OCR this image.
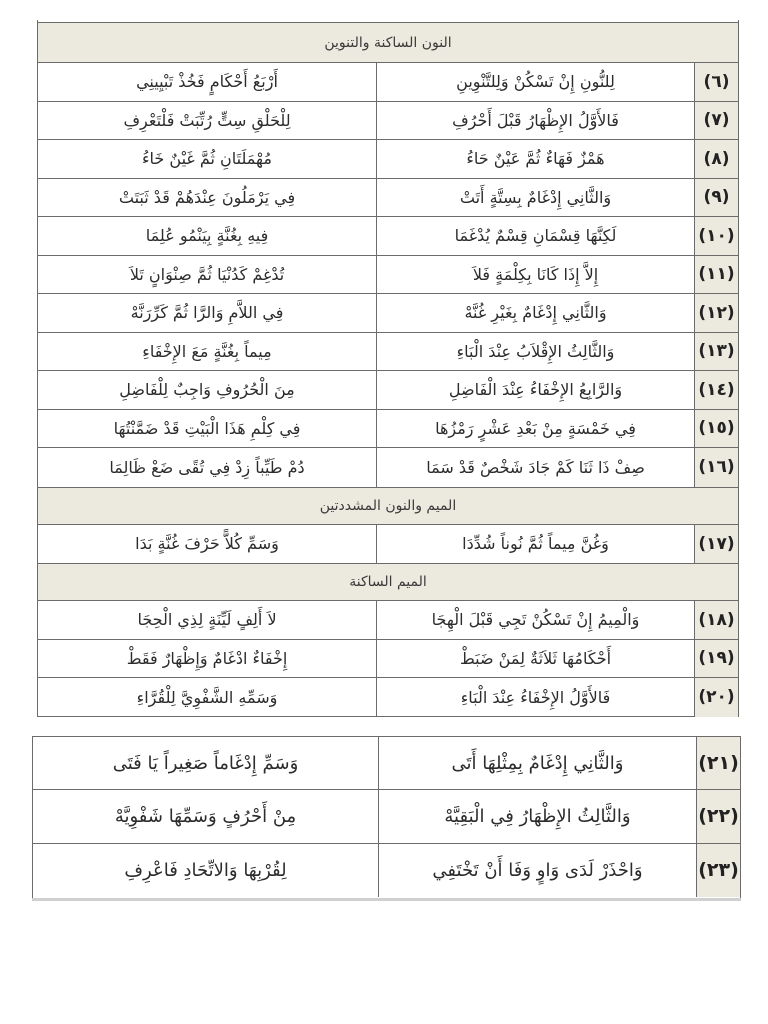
النون الساكنة والتنوين
(٦)
لِلنُّونِ إِنْ تَسْكُنْ وَلِلتَّنْوِينِ
أَرْبَعُ أَحْكَامٍ فَخُذْ تَبْيِينِي
(٧)
فَالأَوَّلُ الإِظْهَارُ قَبْلَ أَحْرُفِ
لِلْحَلْقِ سِتٍّ رُتِّبَتْ فَلْتَعْرِفِ
(٨)
هَمْزٌ فَهَاءٌ ثُمَّ عَيْنٌ حَاءُ
مُهْمَلَتَانِ ثُمَّ غَيْنٌ خَاءُ
(٩)
وَالثَّانِي إِدْغَامٌ بِسِتَّةٍ أَتَتْ
فِي يَرْمَلُونَ عِنْدَهُمْ قَدْ ثَبَتَتْ
(١٠)
لَكِنَّهَا قِسْمَانِ قِسْمٌ يُدْغَمَا
فِيهِ بِغُنَّةٍ بِيَنْمُو عُلِمَا
(١١)
إِلاَّ إِذَا كَانَا بِكِلْمَةٍ فَلاَ
تُدْغِمْ كَدُنْيَا ثُمَّ صِنْوَانٍ تَلاَ
(١٢)
وَالثَّانِي إِدْغَامٌ بِغَيْرِ غُنَّهْ
فِي اللاَّمِ وَالرَّا ثُمَّ كَرِّرَنَّهْ
(١٣)
وَالثَّالِثُ الإِقْلاَبُ عِنْدَ الْبَاءِ
مِيماً بِغُنَّةٍ مَعَ الإِخْفَاءِ
(١٤)
وَالرَّابِعُ الإِخْفَاءُ عِنْدَ الْفَاضِلِ
مِنَ الْحُرُوفِ وَاجِبٌ لِلْفَاضِلِ
(١٥)
فِي خَمْسَةٍ مِنْ بَعْدِ عَشْرٍ رَمْزُهَا
فِي كِلْمِ هَذَا الْبَيْتِ قَدْ ضَمَّنْتُهَا
(١٦)
صِفْ ذَا ثَنَا كَمْ جَادَ شَخْصٌ قَدْ سَمَا
دُمْ طَيِّباً زِدْ فِي تُقًى ضَعْ ظَالِمَا
الميم والنون المشددتين
(١٧)
وَغُنَّ مِيماً ثُمَّ نُوناً شُدِّدَا
وَسَمِّ كُلاًّ حَرْفَ غُنَّةٍ بَدَا
الميم الساكنة
(١٨)
وَالْمِيمُ إِنْ تَسْكُنْ تَجِي قَبْلَ الْهِجَا
لاَ أَلِفٍ لَيِّنَةٍ لِذِي الْحِجَا
(١٩)
أَحْكَامُهَا ثَلاَثَةٌ لِمَنْ ضَبَطْ
إِخْفَاءٌ ادْغَامٌ وَإِظْهَارٌ فَقَطْ
(٢٠)
فَالأَوَّلُ الإِخْفَاءُ عِنْدَ الْبَاءِ
وَسَمِّهِ الشَّفْوِيَّ لِلْقُرَّاءِ
(٢١)
وَالثَّانِي إِدْغَامٌ بِمِثْلِهَا أَتَى
وَسَمِّ إِدْغَاماً صَغِيراً يَا فَتَى
(٢٢)
وَالثَّالِثُ الإِظْهَارُ فِي الْبَقِيَّهْ
مِنْ أَحْرُفٍ وَسَمِّهَا شَفْوِيَّهْ
(٢٣)
وَاحْذَرْ لَدَى وَاوٍ وَفَا أَنْ تَخْتَفِي
لِقُرْبِهَا وَالاتِّحَادِ فَاعْرِفِ
